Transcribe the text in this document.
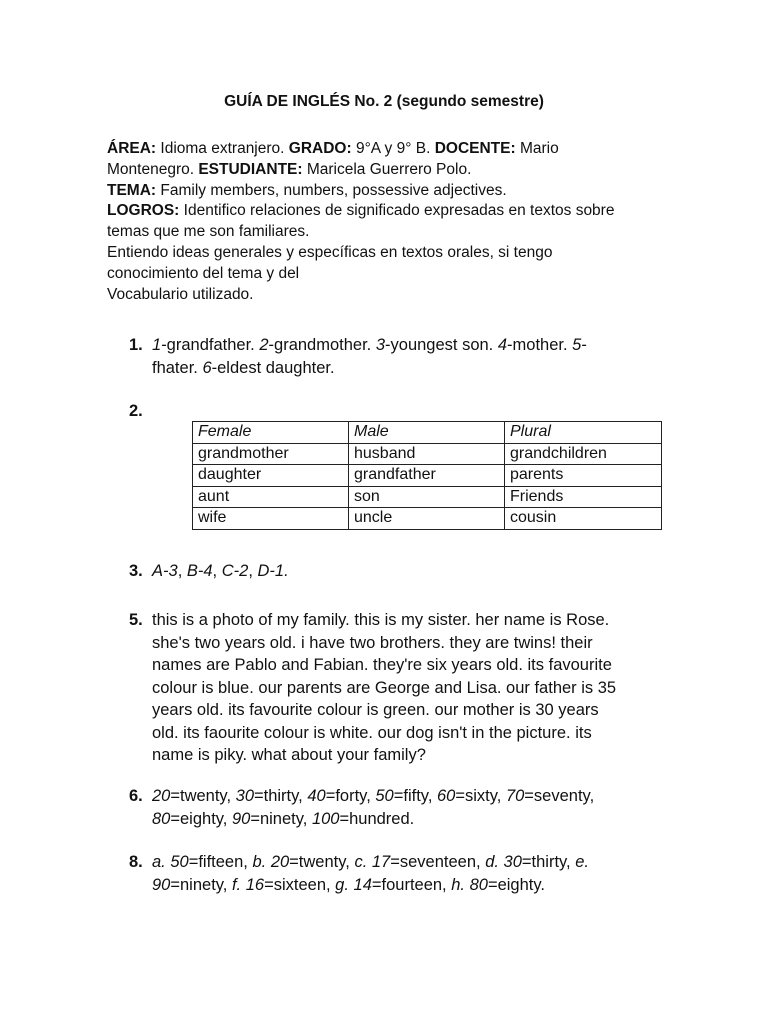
GUÍA DE INGLÉS No. 2 (segundo semestre)
ÁREA: Idioma extranjero. GRADO: 9°A y 9° B. DOCENTE: Mario
Montenegro. ESTUDIANTE: Maricela Guerrero Polo.
TEMA: Family members, numbers, possessive adjectives.
LOGROS: Identifico relaciones de significado expresadas en textos sobre
temas que me son familiares.
Entiendo ideas generales y específicas en textos orales, si tengo
conocimiento del tema y del
Vocabulario utilizado.
1. 1-grandfather. 2-grandmother. 3-youngest son. 4-mother. 5-
fhater. 6-eldest daughter.
2.
Female	Male	Plural
grandmother	husband	grandchildren
daughter	grandfather	parents
aunt	son	Friends
wife	uncle	cousin
3. A-3, B-4, C-2, D-1.
5. this is a photo of my family. this is my sister. her name is Rose.
she's two years old. i have two brothers. they are twins! their
names are Pablo and Fabian. they're six years old. its favourite
colour is blue. our parents are George and Lisa. our father is 35
years old. its favourite colour is green. our mother is 30 years
old. its faourite colour is white. our dog isn't in the picture. its
name is piky. what about your family?
6. 20=twenty, 30=thirty, 40=forty, 50=fifty, 60=sixty, 70=seventy,
80=eighty, 90=ninety, 100=hundred.
8. a. 50=fifteen, b. 20=twenty, c. 17=seventeen, d. 30=thirty, e.
90=ninety, f. 16=sixteen, g. 14=fourteen, h. 80=eighty.
